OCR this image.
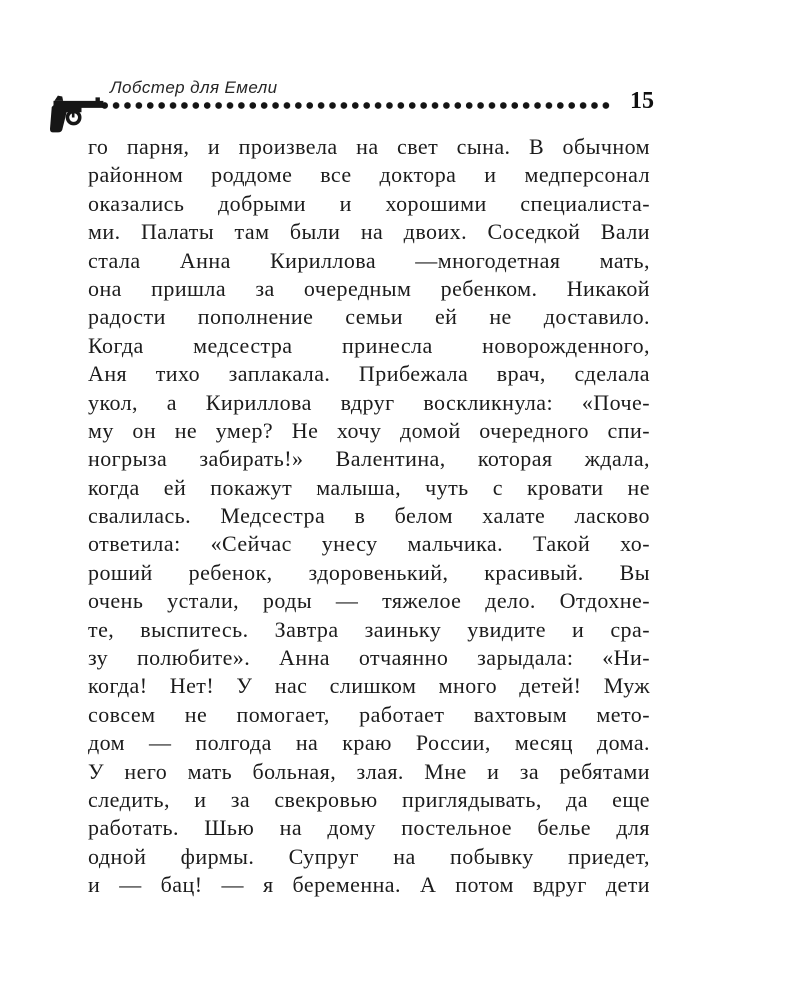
Лобстер для Емели
15
го парня, и произвела на свет сына. В обычном
районном роддоме все доктора и медперсонал
оказались добрыми и хорошими специалиста-
ми. Палаты там были на двоих. Соседкой Вали
стала Анна Кириллова —многодетная мать,
она пришла за очередным ребенком. Никакой
радости пополнение семьи ей не доставило.
Когда медсестра принесла новорожденного,
Аня тихо заплакала. Прибежала врач, сделала
укол, а Кириллова вдруг воскликнула: «Поче-
му он не умер? Не хочу домой очередного спи-
ногрыза забирать!» Валентина, которая ждала,
когда ей покажут малыша, чуть с кровати не
свалилась. Медсестра в белом халате ласково
ответила: «Сейчас унесу мальчика. Такой хо-
роший ребенок, здоровенький, красивый. Вы
очень устали, роды — тяжелое дело. Отдохне-
те, выспитесь. Завтра заиньку увидите и сра-
зу полюбите». Анна отчаянно зарыдала: «Ни-
когда! Нет! У нас слишком много детей! Муж
совсем не помогает, работает вахтовым мето-
дом — полгода на краю России, месяц дома.
У него мать больная, злая. Мне и за ребятами
следить, и за свекровью приглядывать, да еще
работать. Шью на дому постельное белье для
одной фирмы. Супруг на побывку приедет,
и — бац! — я беременна. А потом вдруг дети
